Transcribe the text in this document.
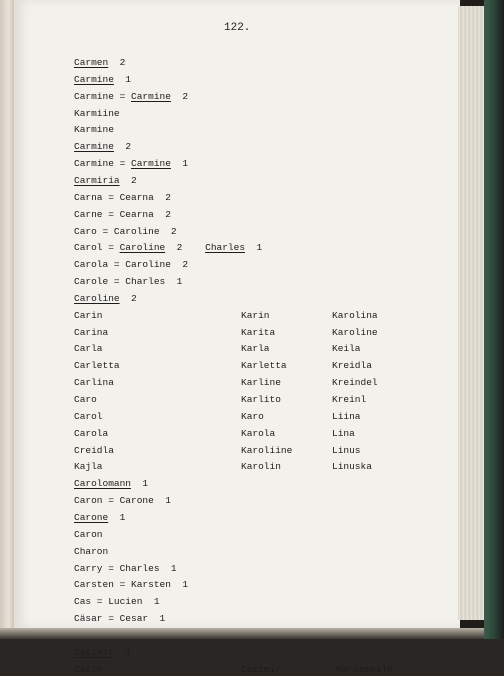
122.
Carmen  2
Carmine  1
Carmine = Carmine  2
Karmiine
Karmine
Carmine  2
Carmine = Carmine  1
Carmiria  2
Carna = Cearna  2
Carne = Cearna  2
Caro = Caroline  2
Carol = Caroline  2 Charles  1
Carola = Caroline  2
Carole = Charles  1
Caroline  2
Carin
Carina
Carla
Carletta
Carlina
Caro
Carol
Carola
Creidla
Kajla
Carolomann  1
Caron = Carone  1
Carone  1
Caron
Charon
Carry = Charles  1
Carsten = Karsten  1
Cas = Lucien  1
Cäsar = Cesar  1
Casimir  1
Casim
Karin
Karita
Karla
Karletta
Karline
Karlito
Karo
Karola
Karoliine
Karolin
Cazimir
Karolina
Karoline
Keila
Kreidla
Kreindel
Kreinl
Liina
Lina
Linus
Linuska
Karzemeslh
